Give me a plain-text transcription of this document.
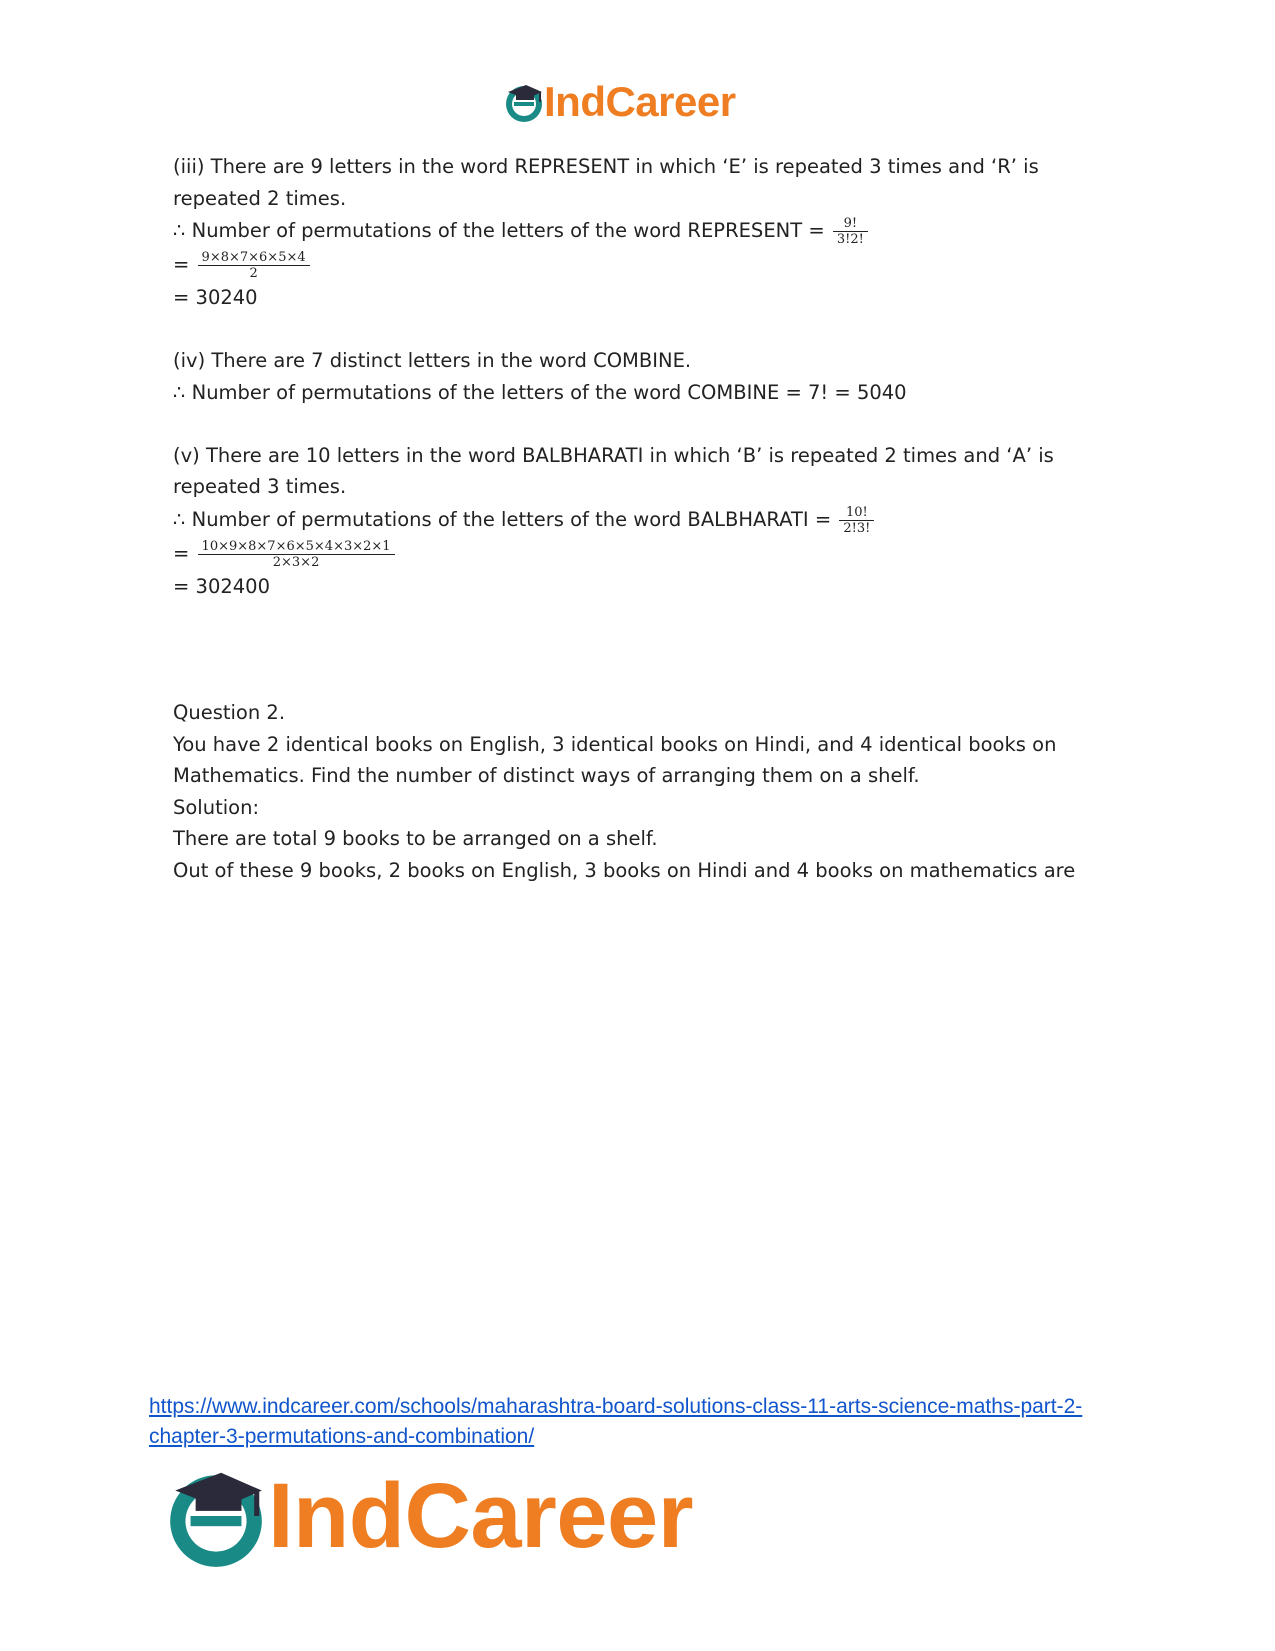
IndCareer

(iii) There are 9 letters in the word REPRESENT in which ‘E’ is repeated 3 times and ‘R’ is repeated 2 times.

∴ Number of permutations of the letters of the word REPRESENT = $\frac{9!}{3!2!}$

= $\frac{9\times 8\times 7\times 6\times 5\times 4}{2}$

= 30240

(iv) There are 7 distinct letters in the word COMBINE.

∴ Number of permutations of the letters of the word COMBINE = 7! = 5040

(v) There are 10 letters in the word BALBHARATI in which ‘B’ is repeated 2 times and ‘A’ is repeated 3 times.

∴ Number of permutations of the letters of the word BALBHARATI = $\frac{10!}{2!3!}$

= $\frac{10\times 9\times 8\times 7\times 6\times 5\times 4\times 3\times 2\times 1}{2\times 3\times 2}$

= 302400

Question 2.

You have 2 identical books on English, 3 identical books on Hindi, and 4 identical books on Mathematics. Find the number of distinct ways of arranging them on a shelf.

Solution:

There are total 9 books to be arranged on a shelf.

Out of these 9 books, 2 books on English, 3 books on Hindi and 4 books on mathematics are

https://www.indcareer.com/schools/maharashtra-board-solutions-class-11-arts-science-maths-part-2-chapter-3-permutations-and-combination/
IndCareer
